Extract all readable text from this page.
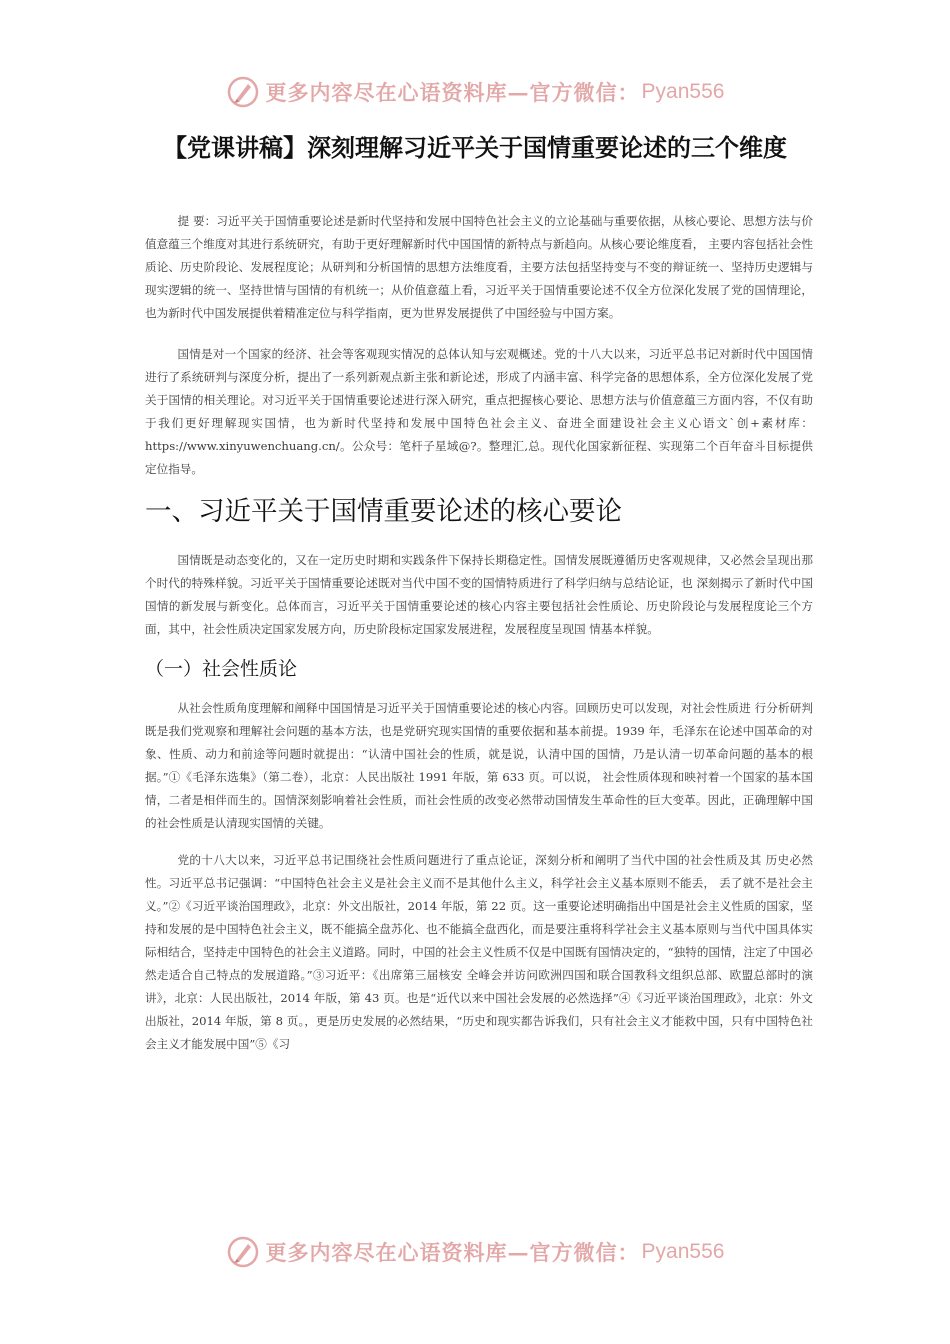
更多内容尽在心语资料库—官方微信： Pyan556
【党课讲稿】深刻理解习近平关于国情重要论述的三个维度

提 要：习近平关于国情重要论述是新时代坚持和发展中国特色社会主义的立论基础与重要依据，从核心要论、思想方法与价值意蕴三个维度对其进行系统研究，有助于更好理解新时代中国国情的新特点与新趋向。从核心要论维度看， 主要内容包括社会性质论、历史阶段论、发展程度论；从研判和分析国情的思想方法维度看，主要方法包括坚持变与不变的辩证统一、坚持历史逻辑与现实逻辑的统一、坚持世情与国情的有机统一；从价值意蕴上看，习近平关于国情重要论述不仅全方位深化发展了党的国情理论，也为新时代中国发展提供着精准定位与科学指南，更为世界发展提供了中国经验与中国方案。

国情是对一个国家的经济、社会等客观现实情况的总体认知与宏观概述。党的十八大以来，习近平总书记对新时代中国国情进行了系统研判与深度分析，提出了一系列新观点新主张和新论述，形成了内涵丰富、科学完备的思想体系，全方位深化发展了党关于国情的相关理论。对习近平关于国情重要论述进行深入研究，重点把握核心要论、思想方法与价值意蕴三方面内容，不仅有助于我们更好理解现实国情，也为新时代坚持和发展中国特色社会主义、奋进全面建设社会主义心语文`创+素材库：https://www.xinyuwenchuang.cn/。公众号：笔杆子星域@?。整理汇,总。现代化国家新征程、实现第二个百年奋斗目标提供定位指导。

一、习近平关于国情重要论述的核心要论

国情既是动态变化的，又在一定历史时期和实践条件下保持长期稳定性。国情发展既遵循历史客观规律，又必然会呈现出那个时代的特殊样貌。习近平关于国情重要论述既对当代中国不变的国情特质进行了科学归纳与总结论证，也 深刻揭示了新时代中国国情的新发展与新变化。总体而言，习近平关于国情重要论述的核心内容主要包括社会性质论、历史阶段论与发展程度论三个方面，其中，社会性质决定国家发展方向，历史阶段标定国家发展进程，发展程度呈现国 情基本样貌。

（一）社会性质论

从社会性质角度理解和阐释中国国情是习近平关于国情重要论述的核心内容。回顾历史可以发现，对社会性质进 行分析研判既是我们党观察和理解社会问题的基本方法，也是党研究现实国情的重要依据和基本前提。1939 年，毛泽东在论述中国革命的对象、性质、动力和前途等问题时就提出：“认清中国社会的性质，就是说，认清中国的国情，乃是认清一切革命问题的基本的根据。”①《毛泽东选集》（第二卷），北京：人民出版社 1991 年版，第 633 页。可以说， 社会性质体现和映衬着一个国家的基本国情，二者是相伴而生的。国情深刻影响着社会性质，而社会性质的改变必然带动国情发生革命性的巨大变革。因此，正确理解中国的社会性质是认清现实国情的关键。

党的十八大以来，习近平总书记围绕社会性质问题进行了重点论证，深刻分析和阐明了当代中国的社会性质及其 历史必然性。习近平总书记强调：“中国特色社会主义是社会主义而不是其他什么主义，科学社会主义基本原则不能丢， 丢了就不是社会主义。”②《习近平谈治国理政》，北京：外文出版社，2014 年版，第 22 页。这一重要论述明确指出中国是社会主义性质的国家，坚持和发展的是中国特色社会主义，既不能搞全盘苏化、也不能搞全盘西化，而是要注重将科学社会主义基本原则与当代中国具体实际相结合，坚持走中国特色的社会主义道路。同时，中国的社会主义性质不仅是中国既有国情决定的，“独特的国情，注定了中国必然走适合自己特点的发展道路。”③习近平：《出席第三届核安 全峰会并访问欧洲四国和联合国教科文组织总部、欧盟总部时的演讲》，北京：人民出版社，2014 年版，第 43 页。也是“近代以来中国社会发展的必然选择”④《习近平谈治国理政》，北京：外文出版社，2014 年版，第 8 页。，更是历史发展的必然结果，“历史和现实都告诉我们，只有社会主义才能救中国，只有中国特色社会主义才能发展中国”⑤《习

更多内容尽在心语资料库—官方微信： Pyan556
